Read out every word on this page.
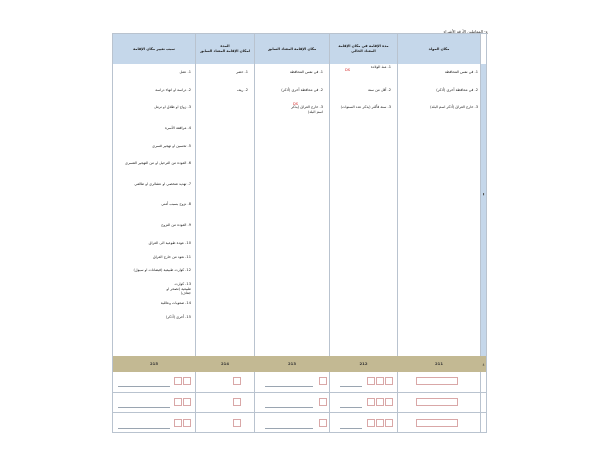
ع- المعاملين الأرقة الأشراء
مكان المولد
مدة الإقامة في مكان الإقامة المعتاد الحالي
مكان الإقامة المعتاد السابق
المدة
لمكان الإقامة المعتاد السابق
سبب تغيير مكان الإقامة
▮
1. في نفس المحافظة
2. في محافظة أخرى (أذكر)
3. خارج العراق (أذكر اسم البلد)
1. منذ الولادة
DS
2. أقل من سنة
3. سنة فأكثر (يذكر عدد السنوات)
1. في نفس المحافظة
2. في محافظة أخرى (أذكر)
3. خارج العراق (يذكر اسم البلد)
DS
1. حضر
2. ريف
1. عمل
2. دراسة او انهاء دراسة
3. زواج او طلاق او ترمل
4. مرافقة الأسرة
5. تحسين او تهجير قسري
6. العودة من الترحيل او من التهجير القسري
7. تهديد شخصي او عشائري او طائفي
8. نزوح بسبب أمني
9. العودة من النزوح
10. عودة طوعية الى العراق
11. نعود من خارج العراق
12. كوارث طبيعية (فيضانات او سيول)
13. كوارث طبيعية (تصحر او جفاف)
14. صعوبات وعائلية
15. أخرى (أذكر)
211
212
213
214
215	ع
